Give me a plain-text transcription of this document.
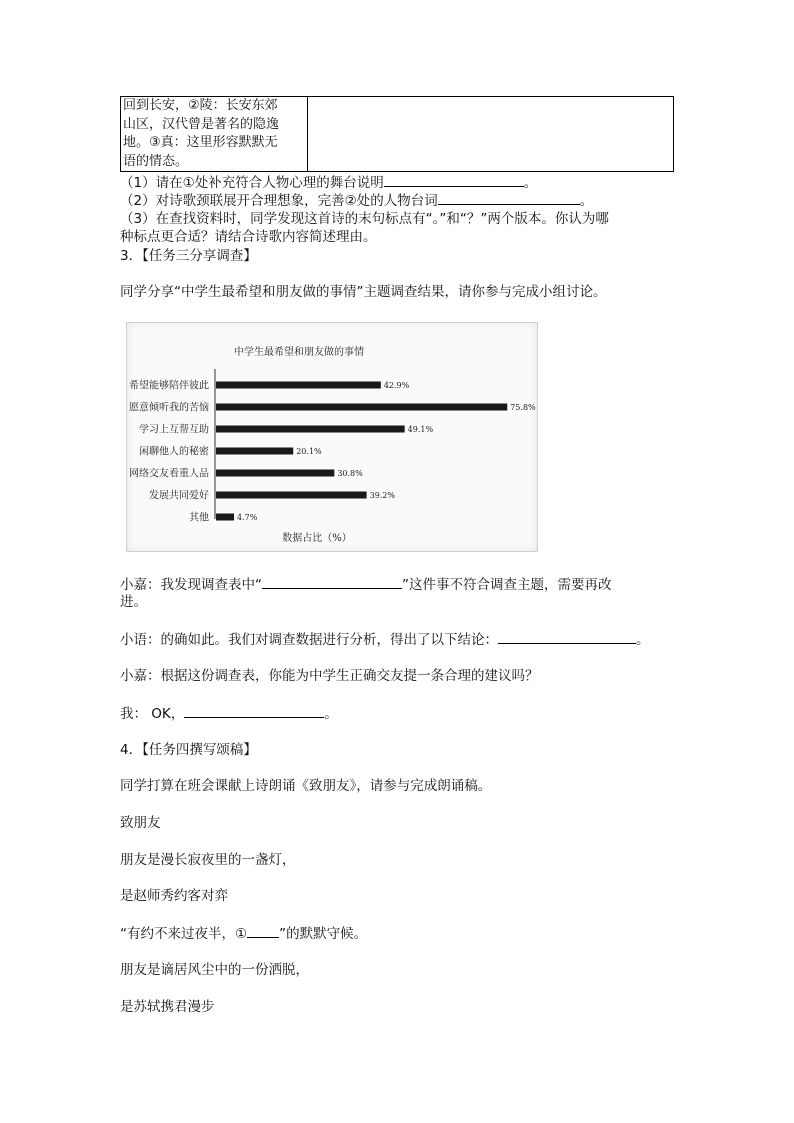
回到长安，②陵：长安东郊
山区，汉代曾是著名的隐逸
地。③真：这里形容默默无
语的情态。

（1）请在①处补充符合人物心理的舞台说明	。
（2）对诗歌颈联展开合理想象，完善②处的人物台词	。
（3）在查找资料时，同学发现这首诗的末句标点有“。”和“？”两个版本。你认为哪
种标点更合适？请结合诗歌内容简述理由。
3．【任务三分享调查】
同学分享“中学生最希望和朋友做的事情”主题调查结果，请你参与完成小组讨论。
中学生最希望和朋友做的事情
希望能够陪伴彼此	42.9%
愿意倾听我的苦恼	75.8%
学习上互帮互助	49.1%
闲聊他人的秘密	20.1%
网络交友看重人品	30.8%
发展共同爱好	39.2%
其他	4.7%
数据占比（%）
小嘉：我发现调查表中“	”这件事不符合调查主题，需要再改
进。
小语：的确如此。我们对调查数据进行分析，得出了以下结论：	。
小嘉：根据这份调查表，你能为中学生正确交友提一条合理的建议吗？
我： OK，	。
4．【任务四撰写颂稿】
同学打算在班会课献上诗朗诵《致朋友》，请参与完成朗诵稿。
致朋友
朋友是漫长寂夜里的一盏灯，
是赵师秀约客对弈
“有约不来过夜半，① ”的默默守候。
朋友是谪居风尘中的一份洒脱，
是苏轼携君漫步
